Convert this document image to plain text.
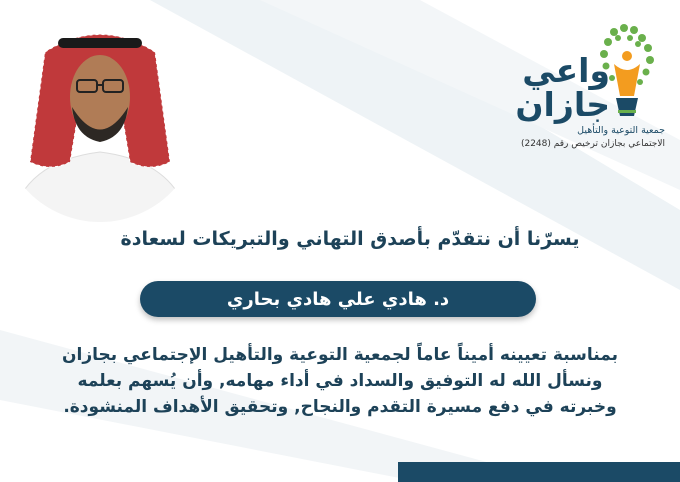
واعي جازان
جمعية التوعية والتأهيل
الاجتماعي بجازان ترخيص رقم (2248)
يسرّنا أن نتقدّم بأصدق التهاني والتبريكات لسعادة
د. هادي علي هادي بحاري
بمناسبة تعيينه أميناً عاماً لجمعية التوعية والتأهيل الإجتماعي بجازان
ونسأل الله له التوفيق والسداد في أداء مهامه, وأن يُسهم بعلمه
وخبرته في دفع مسيرة التقدم والنجاح, وتحقيق الأهداف المنشودة.
